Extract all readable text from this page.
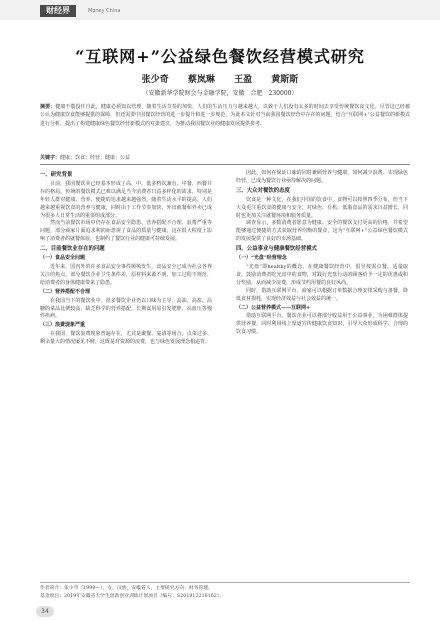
财经界	Money China
“互联网+”公益绿色餐饮经营模式研究
张少奇 蔡岚琳 王盈 黄斯斯
（安徽新华学院财会与金融学院，安徽　合肥　230000）
摘要：健康不散投任自此，健康必须知以管理，随着生活节奏的加快，人们的生活压力与越来越大，以致于人们没有太多的时间去享受传统餐饮食文化。尽管这已经被公认为健康饮食能够提供的保障，但还需要中国餐饮经营的进一步提升和进一步规范，为此本文针对当前我国餐饮经营中存在的问题，结合“互联网+”公益餐饮的新模式进行分析，提出了构建健康绿色餐饮经营新模式的对策建议，为推动我国餐饮业的健康发展提供参考。
关键字：健康；饮食；经营；健康；公益
一、研究背景

目前，我国餐饮业已经基本形成了高、中、低多档次兼有，中餐、西餐并存的格局。传统的餐饮模式已难以满足当今消费者日益多样化的需求，特别是年轻人群对健康、营养、便捷的追求越来越强烈。随着生活水平的提高，人们越来越重视饮食的营养与健康，同时由于工作节奏加快，外出就餐和外卖已成为很多人日常生活的重要组成部分。

然而当前餐饮市场中仍存在食品安全隐患、营养搭配不合理、浪费严重等问题，部分商家片面追求利润而忽视了食品的质量与健康，这在很大程度上影响了消费者的就餐体验，也制约了餐饮行业的健康可持续发展。

二、目前餐饮业存在的问题
（一）食品安全问题

近年来，国内外的许多食品安全事件频频发生，食品安全已成为社会各界关注的焦点。部分餐饮企业卫生条件差，原材料来源不明，加工过程不规范，给消费者的身体健康带来了隐患。

（二）营养搭配不合理

在我国当下的餐饮业中，很多餐饮企业仍以口味为主导，高油、高盐、高糖的菜品比例较高，缺乏科学的营养搭配，长期食用易引发肥胖、高血压等慢性疾病。

（三）浪费现象严重

在我国，餐饮浪费现象普遍存在，尤其是聚餐、宴请等场合，点菜过多、剩余量大的情况屡见不鲜，这既是对资源的浪费，也与绿色发展理念相违背。

因此，如何在保证口味的同时兼顾营养与健康，如何减少浪费、实现绿色经营，已成为餐饮行业亟待解决的问题。

三、大众对餐饮的态度

饮食是一种文化，在我们中国的饮食中，食物可以按照四季分布，但当下大众更注重饮食的健康与安全，对绿色、有机、低脂食品的需求日益增长，同时也更加关注就餐环境和服务质量。

调查显示，多数消费者愿意为健康、安全的餐饮支付更高的价格，并希望能够通过便捷的方式获取营养均衡的餐食，这为“互联网+”公益绿色餐饮模式的发展提供了良好的市场基础。

四、公益事业与健康餐饮经营模式
（一）“光盘”经营理念

“光盘”即healthy的概念，在健康餐饮经营中，倡导按需点餐、适量取食，鼓励消费者吃光盘中的食物，对践行光盘行动的顾客给予一定的优惠或积分奖励，从而减少浪费，形成节约用餐的良好风尚。

同时，借助互联网平台，商家可以根据订单数据合理安排采购与备餐，降低食材损耗，实现经济效益与社会效益的统一。

（二）公益营养模式——互联网+

借助互联网平台，餐饮企业可以将部分收益用于公益事业，为困难群体提供营养餐，同时利用线上渠道宣传健康饮食知识，引导大众形成科学、合理的饮食习惯。

作者简介：张少奇（1999—），女，汉族，安徽省人，主要研究方向：财务管理。
基金项目：2019年安徽省大学生创新创业训练计划项目（编号：S201912216162）。
34
